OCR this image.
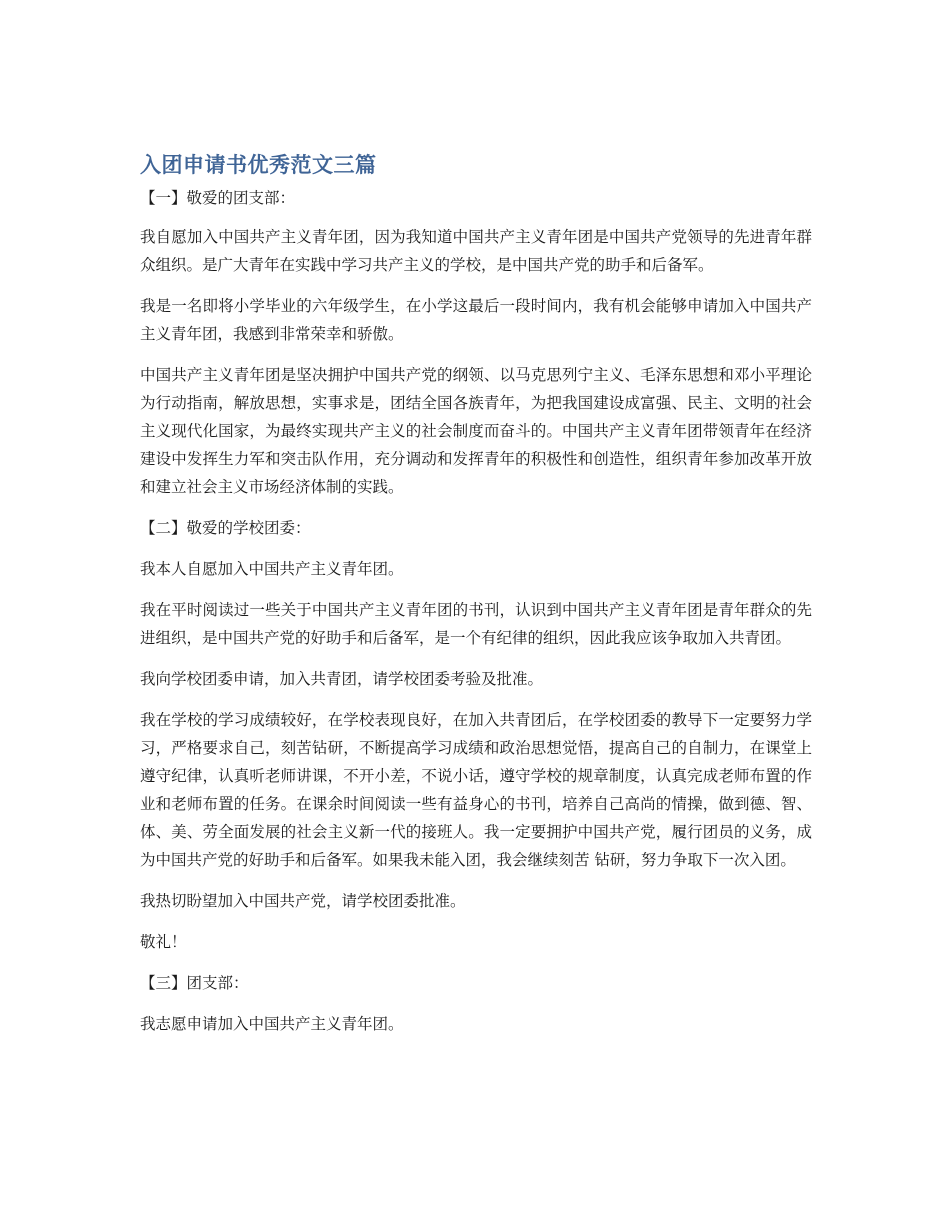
入团申请书优秀范文三篇

【一】敬爱的团支部：

我自愿加入中国共产主义青年团，因为我知道中国共产主义青年团是中国共产党领导的先进青年群众组织。是广大青年在实践中学习共产主义的学校，是中国共产党的助手和后备军。

我是一名即将小学毕业的六年级学生，在小学这最后一段时间内，我有机会能够申请加入中国共产主义青年团，我感到非常荣幸和骄傲。

中国共产主义青年团是坚决拥护中国共产党的纲领、以马克思列宁主义、毛泽东思想和邓小平理论为行动指南，解放思想，实事求是，团结全国各族青年，为把我国建设成富强、民主、文明的社会主义现代化国家，为最终实现共产主义的社会制度而奋斗的。中国共产主义青年团带领青年在经济建设中发挥生力军和突击队作用，充分调动和发挥青年的积极性和创造性，组织青年参加改革开放和建立社会主义市场经济体制的实践。

【二】敬爱的学校团委：

我本人自愿加入中国共产主义青年团。

我在平时阅读过一些关于中国共产主义青年团的书刊，认识到中国共产主义青年团是青年群众的先进组织，是中国共产党的好助手和后备军，是一个有纪律的组织，因此我应该争取加入共青团。

我向学校团委申请，加入共青团，请学校团委考验及批准。

我在学校的学习成绩较好，在学校表现良好，在加入共青团后，在学校团委的教导下一定要努力学习，严格要求自己，刻苦钻研，不断提高学习成绩和政治思想觉悟，提高自己的自制力，在课堂上遵守纪律，认真听老师讲课，不开小差，不说小话，遵守学校的规章制度，认真完成老师布置的作业和老师布置的任务。在课余时间阅读一些有益身心的书刊，培养自己高尚的情操，做到德、智、体、美、劳全面发展的社会主义新一代的接班人。我一定要拥护中国共产党，履行团员的义务，成为中国共产党的好助手和后备军。如果我未能入团，我会继续刻苦 钻研，努力争取下一次入团。

我热切盼望加入中国共产党，请学校团委批准。

敬礼！

【三】团支部：

我志愿申请加入中国共产主义青年团。
